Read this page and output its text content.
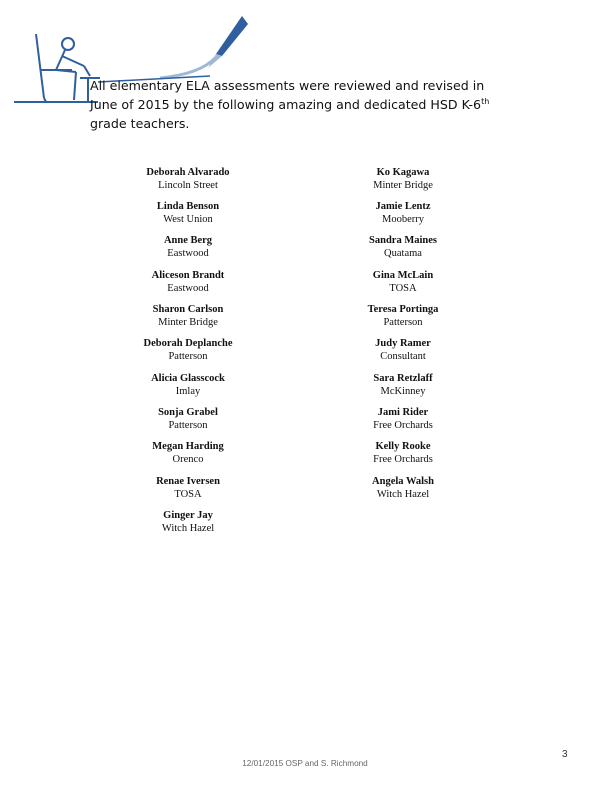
All elementary ELA assessments were reviewed and revised in
June of 2015 by the following amazing and dedicated HSD K-6th
grade teachers.
Deborah Alvarado
Lincoln Street
Ko Kagawa
Minter Bridge
Linda Benson
West Union
Jamie Lentz
Mooberry
Anne Berg
Eastwood
Sandra Maines
Quatama
Aliceson Brandt
Eastwood
Gina McLain
TOSA
Sharon Carlson
Minter Bridge
Teresa Portinga
Patterson
Deborah Deplanche
Patterson
Judy Ramer
Consultant
Alicia Glasscock
Imlay
Sara Retzlaff
McKinney
Sonja Grabel
Patterson
Jami Rider
Free Orchards
Megan Harding
Orenco
Kelly Rooke
Free Orchards
Renae Iversen
TOSA
Angela Walsh
Witch Hazel
Ginger Jay
Witch Hazel
12/01/2015 OSP and S. Richmond
3
